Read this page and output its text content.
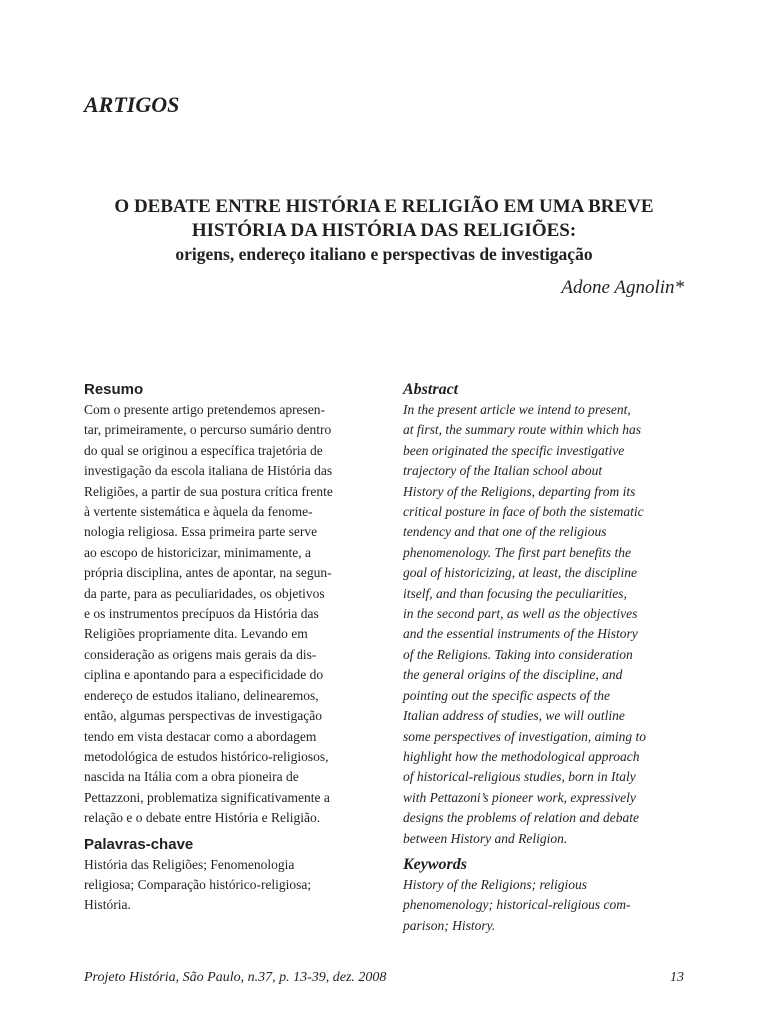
ARTIGOS

O DEBATE ENTRE HISTÓRIA E RELIGIÃO EM UMA BREVE

HISTÓRIA DA HISTÓRIA DAS RELIGIÕES:

origens, endereço italiano e perspectivas de investigação

Adone Agnolin*

Resumo

Com o presente artigo pretendemos apresen-
tar, primeiramente, o percurso sumário dentro
do qual se originou a específica trajetória de
investigação da escola italiana de História das
Religiões, a partir de sua postura crítica frente
à vertente sistemática e àquela da fenome-
nologia religiosa. Essa primeira parte serve
ao escopo de historicizar, minimamente, a
própria disciplina, antes de apontar, na segun-
da parte, para as peculiaridades, os objetivos
e os instrumentos precípuos da História das
Religiões propriamente dita. Levando em
consideração as origens mais gerais da dis-
ciplina e apontando para a especificidade do
endereço de estudos italiano, delinearemos,
então, algumas perspectivas de investigação
tendo em vista destacar como a abordagem
metodológica de estudos histórico-religiosos,
nascida na Itália com a obra pioneira de
Pettazzoni, problematiza significativamente a
relação e o debate entre História e Religião.

Palavras-chave

História das Religiões; Fenomenologia
religiosa; Comparação histórico-religiosa;
História.

Abstract

In the present article we intend to present,
at first, the summary route within which has
been originated the specific investigative
trajectory of the Italian school about
History of the Religions, departing from its
critical posture in face of both the sistematic
tendency and that one of the religious
phenomenology. The first part benefits the
goal of historicizing, at least, the discipline
itself, and than focusing the peculiarities,
in the second part, as well as the objectives
and the essential instruments of the History
of the Religions. Taking into consideration
the general origins of the discipline, and
pointing out the specific aspects of the
Italian address of studies, we will outline
some perspectives of investigation, aiming to
highlight how the methodological approach
of historical-religious studies, born in Italy
with Pettazoni’s pioneer work, expressively
designs the problems of relation and debate
between History and Religion.

Keywords

History of the Religions; religious
phenomenology; historical-religious com-
parison; History.

Projeto História, São Paulo, n.37, p. 13-39, dez. 2008	13
